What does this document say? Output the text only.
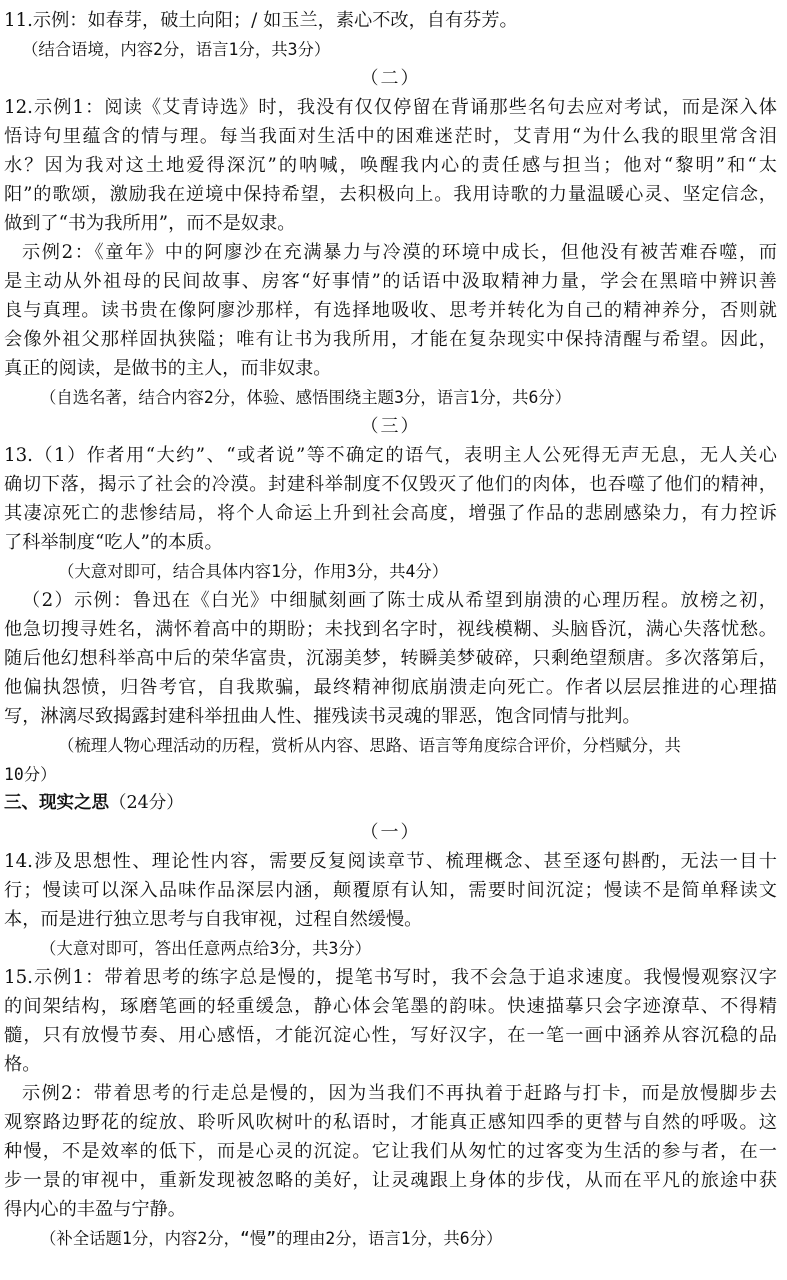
11.示例：如春芽，破土向阳；/ 如玉兰，素心不改，自有芬芳。
（结合语境，内容2分，语言1分，共3分）
（二）
12.示例1：阅读《艾青诗选》时，我没有仅仅停留在背诵那些名句去应对考试，而是深入体
悟诗句里蕴含的情与理。每当我面对生活中的困难迷茫时，艾青用“为什么我的眼里常含泪
水？因为我对这土地爱得深沉”的呐喊，唤醒我内心的责任感与担当；他对“黎明”和“太
阳”的歌颂，激励我在逆境中保持希望，去积极向上。我用诗歌的力量温暖心灵、坚定信念，
做到了“书为我所用”，而不是奴隶。
示例2：《童年》中的阿廖沙在充满暴力与冷漠的环境中成长，但他没有被苦难吞噬，而
是主动从外祖母的民间故事、房客“好事情”的话语中汲取精神力量，学会在黑暗中辨识善
良与真理。读书贵在像阿廖沙那样，有选择地吸收、思考并转化为自己的精神养分，否则就
会像外祖父那样固执狭隘；唯有让书为我所用，才能在复杂现实中保持清醒与希望。因此，
真正的阅读，是做书的主人，而非奴隶。
（自选名著，结合内容2分，体验、感悟围绕主题3分，语言1分，共6分）
（三）
13.（1）作者用“大约”、“或者说”等不确定的语气，表明主人公死得无声无息，无人关心
确切下落，揭示了社会的冷漠。封建科举制度不仅毁灭了他们的肉体，也吞噬了他们的精神，
其凄凉死亡的悲惨结局，将个人命运上升到社会高度，增强了作品的悲剧感染力，有力控诉
了科举制度“吃人”的本质。
（大意对即可，结合具体内容1分，作用3分，共4分）
（2）示例：鲁迅在《白光》中细腻刻画了陈士成从希望到崩溃的心理历程。放榜之初，
他急切搜寻姓名，满怀着高中的期盼；未找到名字时，视线模糊、头脑昏沉，满心失落忧愁。
随后他幻想科举高中后的荣华富贵，沉溺美梦，转瞬美梦破碎，只剩绝望颓唐。多次落第后，
他偏执怨愤，归咎考官，自我欺骗，最终精神彻底崩溃走向死亡。作者以层层推进的心理描
写，淋漓尽致揭露封建科举扭曲人性、摧残读书灵魂的罪恶，饱含同情与批判。
（梳理人物心理活动的历程，赏析从内容、思路、语言等角度综合评价，分档赋分，共
10分）
三、现实之思（24分）
（一）
14.涉及思想性、理论性内容，需要反复阅读章节、梳理概念、甚至逐句斟酌，无法一目十
行；慢读可以深入品味作品深层内涵，颠覆原有认知，需要时间沉淀；慢读不是简单释读文
本，而是进行独立思考与自我审视，过程自然缓慢。
（大意对即可，答出任意两点给3分，共3分）
15.示例1：带着思考的练字总是慢的，提笔书写时，我不会急于追求速度。我慢慢观察汉字
的间架结构，琢磨笔画的轻重缓急，静心体会笔墨的韵味。快速描摹只会字迹潦草、不得精
髓，只有放慢节奏、用心感悟，才能沉淀心性，写好汉字，在一笔一画中涵养从容沉稳的品
格。
示例2：带着思考的行走总是慢的，因为当我们不再执着于赶路与打卡，而是放慢脚步去
观察路边野花的绽放、聆听风吹树叶的私语时，才能真正感知四季的更替与自然的呼吸。这
种慢，不是效率的低下，而是心灵的沉淀。它让我们从匆忙的过客变为生活的参与者，在一
步一景的审视中，重新发现被忽略的美好，让灵魂跟上身体的步伐，从而在平凡的旅途中获
得内心的丰盈与宁静。
（补全话题1分，内容2分，“慢”的理由2分，语言1分，共6分）
